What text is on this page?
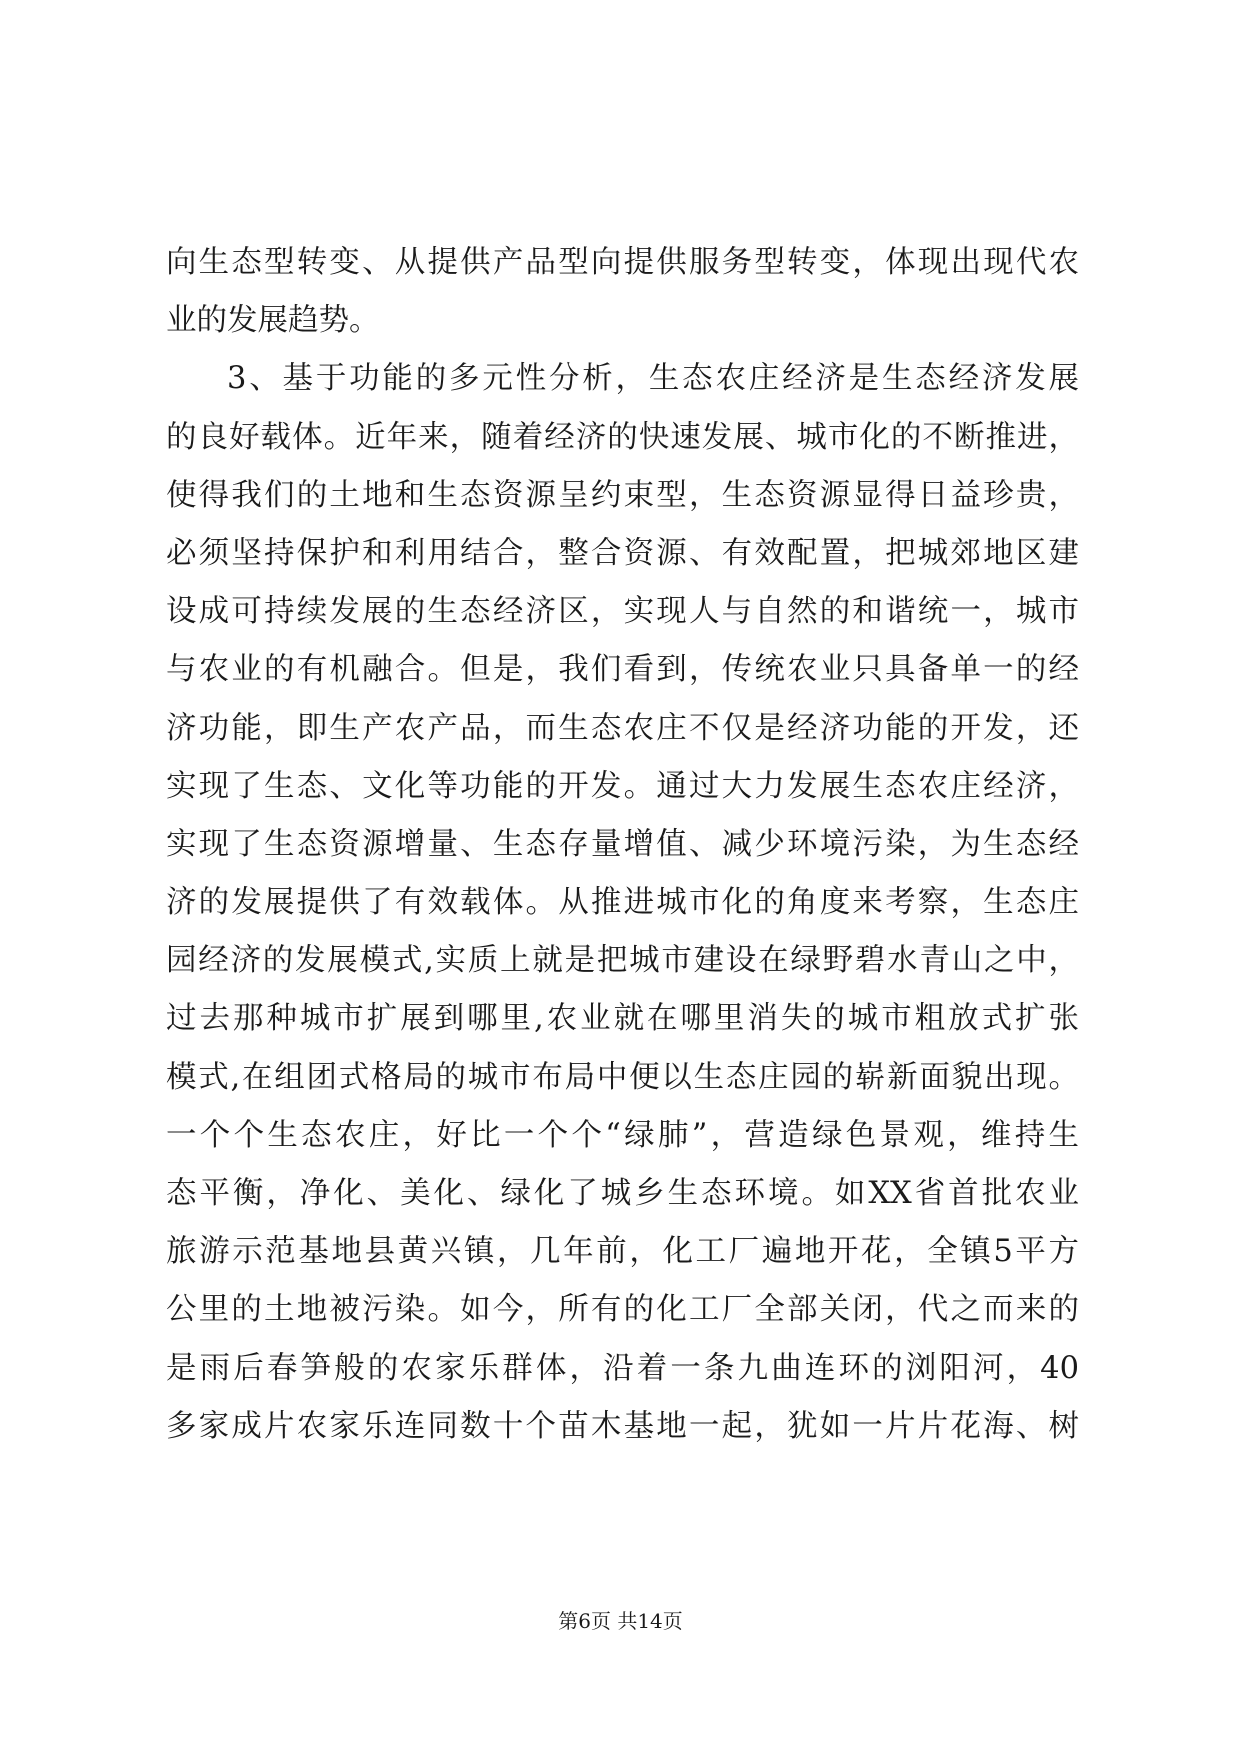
向生态型转变、从提供产品型向提供服务型转变，体现出现代农
业的发展趋势。
3、基于功能的多元性分析，生态农庄经济是生态经济发展
的良好载体。近年来，随着经济的快速发展、城市化的不断推进，
使得我们的土地和生态资源呈约束型，生态资源显得日益珍贵，
必须坚持保护和利用结合，整合资源、有效配置，把城郊地区建
设成可持续发展的生态经济区，实现人与自然的和谐统一，城市
与农业的有机融合。但是，我们看到，传统农业只具备单一的经
济功能，即生产农产品，而生态农庄不仅是经济功能的开发，还
实现了生态、文化等功能的开发。通过大力发展生态农庄经济，
实现了生态资源增量、生态存量增值、减少环境污染，为生态经
济的发展提供了有效载体。从推进城市化的角度来考察，生态庄
园经济的发展模式,实质上就是把城市建设在绿野碧水青山之中，
过去那种城市扩展到哪里,农业就在哪里消失的城市粗放式扩张
模式,在组团式格局的城市布局中便以生态庄园的崭新面貌出现。
一个个生态农庄，好比一个个“绿肺”，营造绿色景观，维持生
态平衡，净化、美化、绿化了城乡生态环境。如XX省首批农业
旅游示范基地县黄兴镇，几年前，化工厂遍地开花，全镇5平方
公里的土地被污染。如今，所有的化工厂全部关闭，代之而来的
是雨后春笋般的农家乐群体，沿着一条九曲连环的浏阳河，40
多家成片农家乐连同数十个苗木基地一起，犹如一片片花海、树
第6页 共14页
